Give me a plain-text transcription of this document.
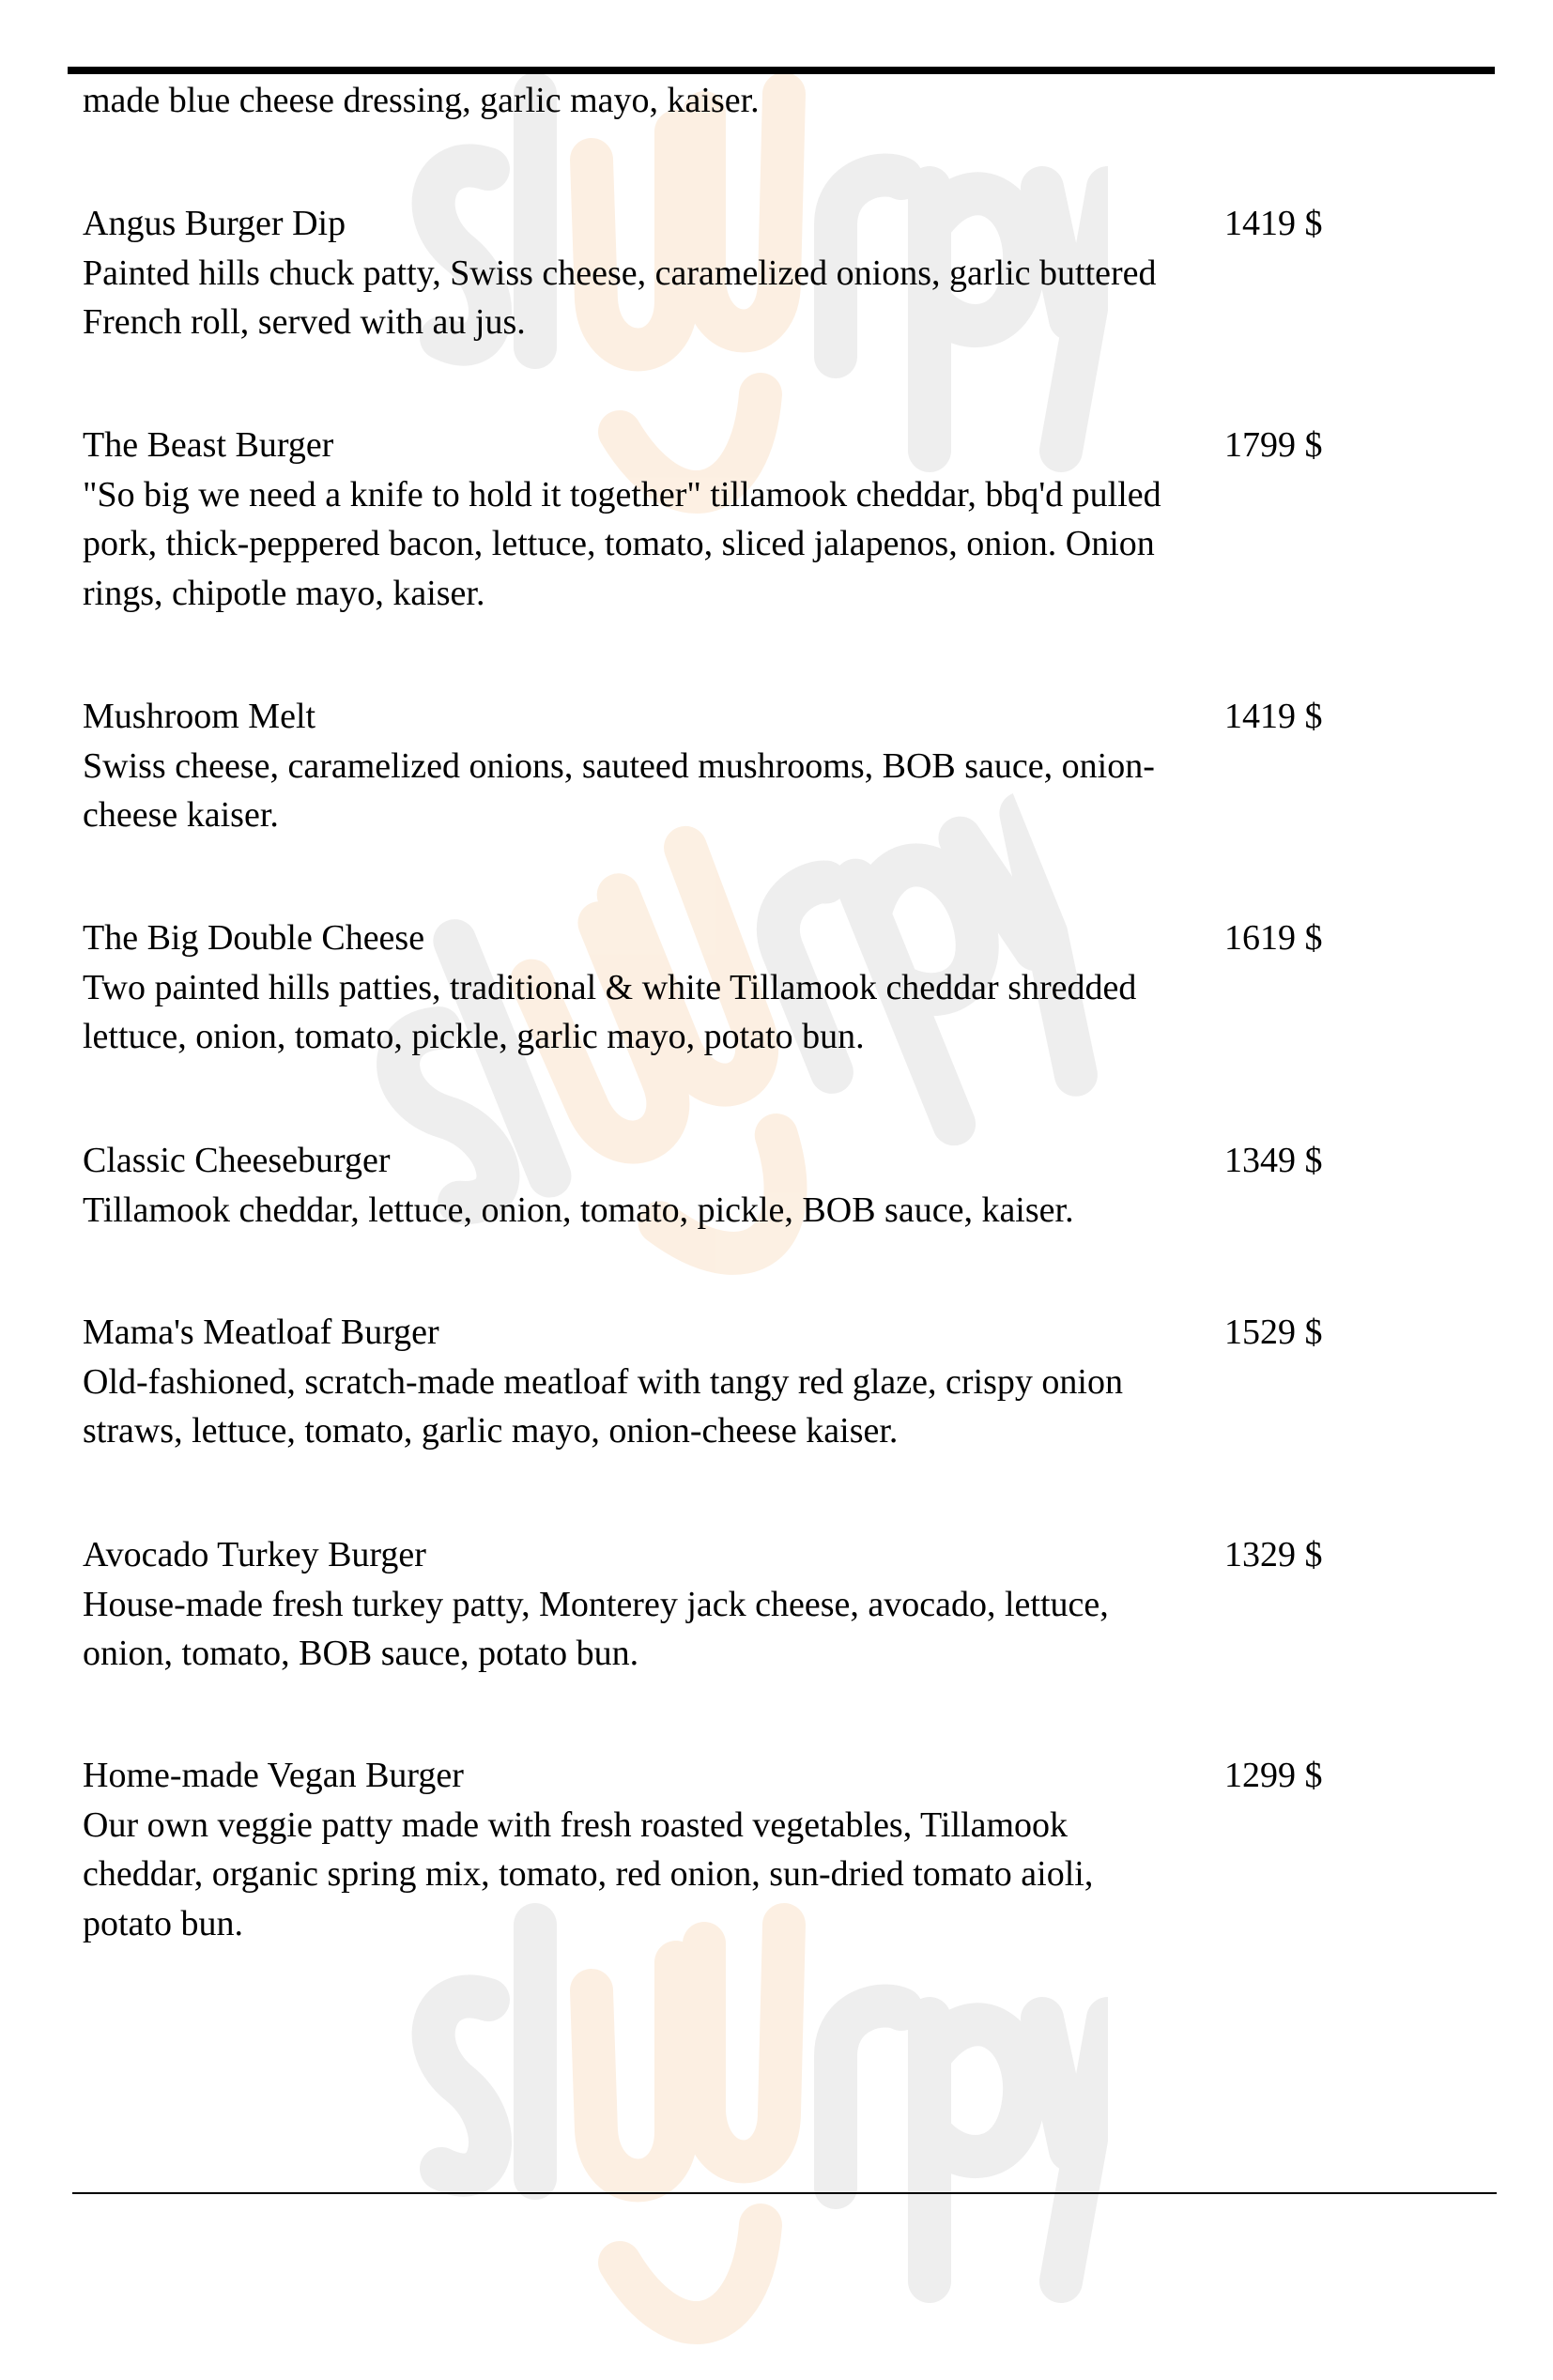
made blue cheese dressing, garlic mayo, kaiser.
Angus Burger Dip	1419 $
Painted hills chuck patty, Swiss cheese, caramelized onions, garlic buttered French roll, served with au jus.
The Beast Burger	1799 $
"So big we need a knife to hold it together" tillamook cheddar, bbq'd pulled pork, thick-peppered bacon, lettuce, tomato, sliced jalapenos, onion. Onion rings, chipotle mayo, kaiser.
Mushroom Melt	1419 $
Swiss cheese, caramelized onions, sauteed mushrooms, BOB sauce, onion-cheese kaiser.
The Big Double Cheese	1619 $
Two painted hills patties, traditional & white Tillamook cheddar shredded lettuce, onion, tomato, pickle, garlic mayo, potato bun.
Classic Cheeseburger	1349 $
Tillamook cheddar, lettuce, onion, tomato, pickle, BOB sauce, kaiser.
Mama's Meatloaf Burger	1529 $
Old-fashioned, scratch-made meatloaf with tangy red glaze, crispy onion straws, lettuce, tomato, garlic mayo, onion-cheese kaiser.
Avocado Turkey Burger	1329 $
House-made fresh turkey patty, Monterey jack cheese, avocado, lettuce, onion, tomato, BOB sauce, potato bun.
Home-made Vegan Burger	1299 $
Our own veggie patty made with fresh roasted vegetables, Tillamook cheddar, organic spring mix, tomato, red onion, sun-dried tomato aioli, potato bun.
